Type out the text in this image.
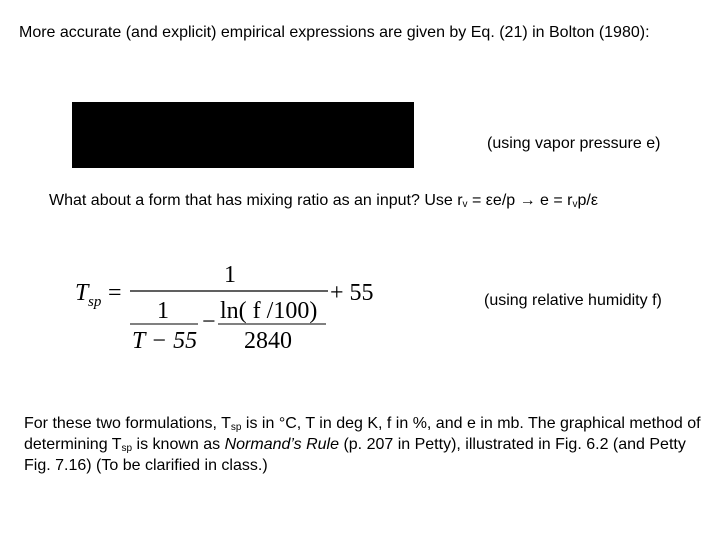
More accurate (and explicit) empirical expressions are given by Eq. (21) in Bolton (1980):
(using vapor pressure e)
What about a form that has mixing ratio as an input? Use $r_v = \varepsilon e/p \to e = r_vp/\varepsilon$
T sp =
1
1
T − 55
− ln( f /100)
2840
+ 55	(using relative humidity f)
For these two formulations, $T_{sp}$ is in °C, T in deg K, f in %, and e in mb. The graphical method of determining $T_{sp}$ is known as Normand’s Rule (p. 207 in Petty), illustrated in Fig. 6.2 (and Petty Fig. 7.16) (To be clarified in class.)
